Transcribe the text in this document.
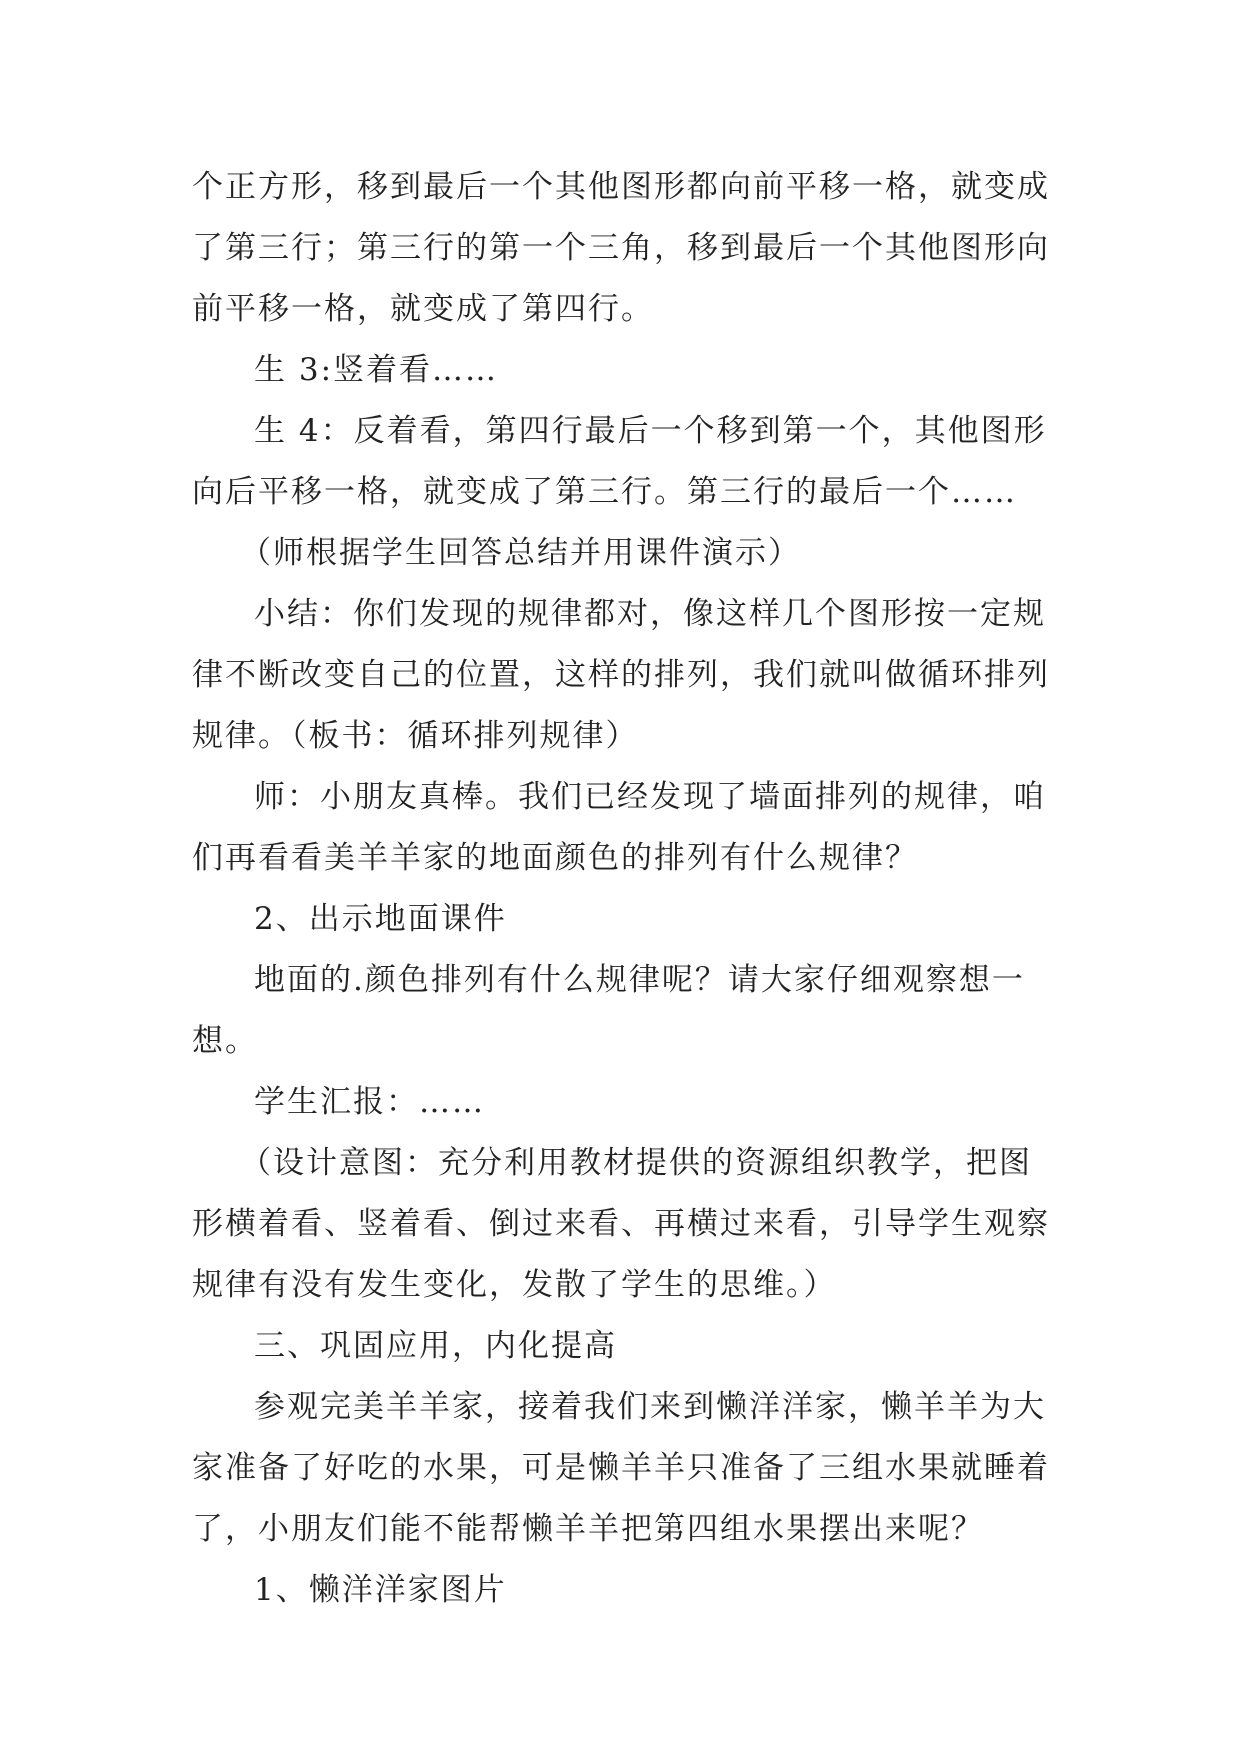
个正方形，移到最后一个其他图形都向前平移一格，就变成
了第三行；第三行的第一个三角，移到最后一个其他图形向
前平移一格，就变成了第四行。
生 3:竖着看……
生 4：反着看，第四行最后一个移到第一个，其他图形
向后平移一格，就变成了第三行。第三行的最后一个……
（师根据学生回答总结并用课件演示）
小结：你们发现的规律都对，像这样几个图形按一定规
律不断改变自己的位置，这样的排列，我们就叫做循环排列
规律。（板书：循环排列规律）
师：小朋友真棒。我们已经发现了墙面排列的规律，咱
们再看看美羊羊家的地面颜色的排列有什么规律？
2、出示地面课件
地面的.颜色排列有什么规律呢？请大家仔细观察想一
想。
学生汇报：……
（设计意图：充分利用教材提供的资源组织教学，把图
形横着看、竖着看、倒过来看、再横过来看，引导学生观察
规律有没有发生变化，发散了学生的思维。）
三、巩固应用，内化提高
参观完美羊羊家，接着我们来到懒洋洋家，懒羊羊为大
家准备了好吃的水果，可是懒羊羊只准备了三组水果就睡着
了，小朋友们能不能帮懒羊羊把第四组水果摆出来呢？
1、懒洋洋家图片
